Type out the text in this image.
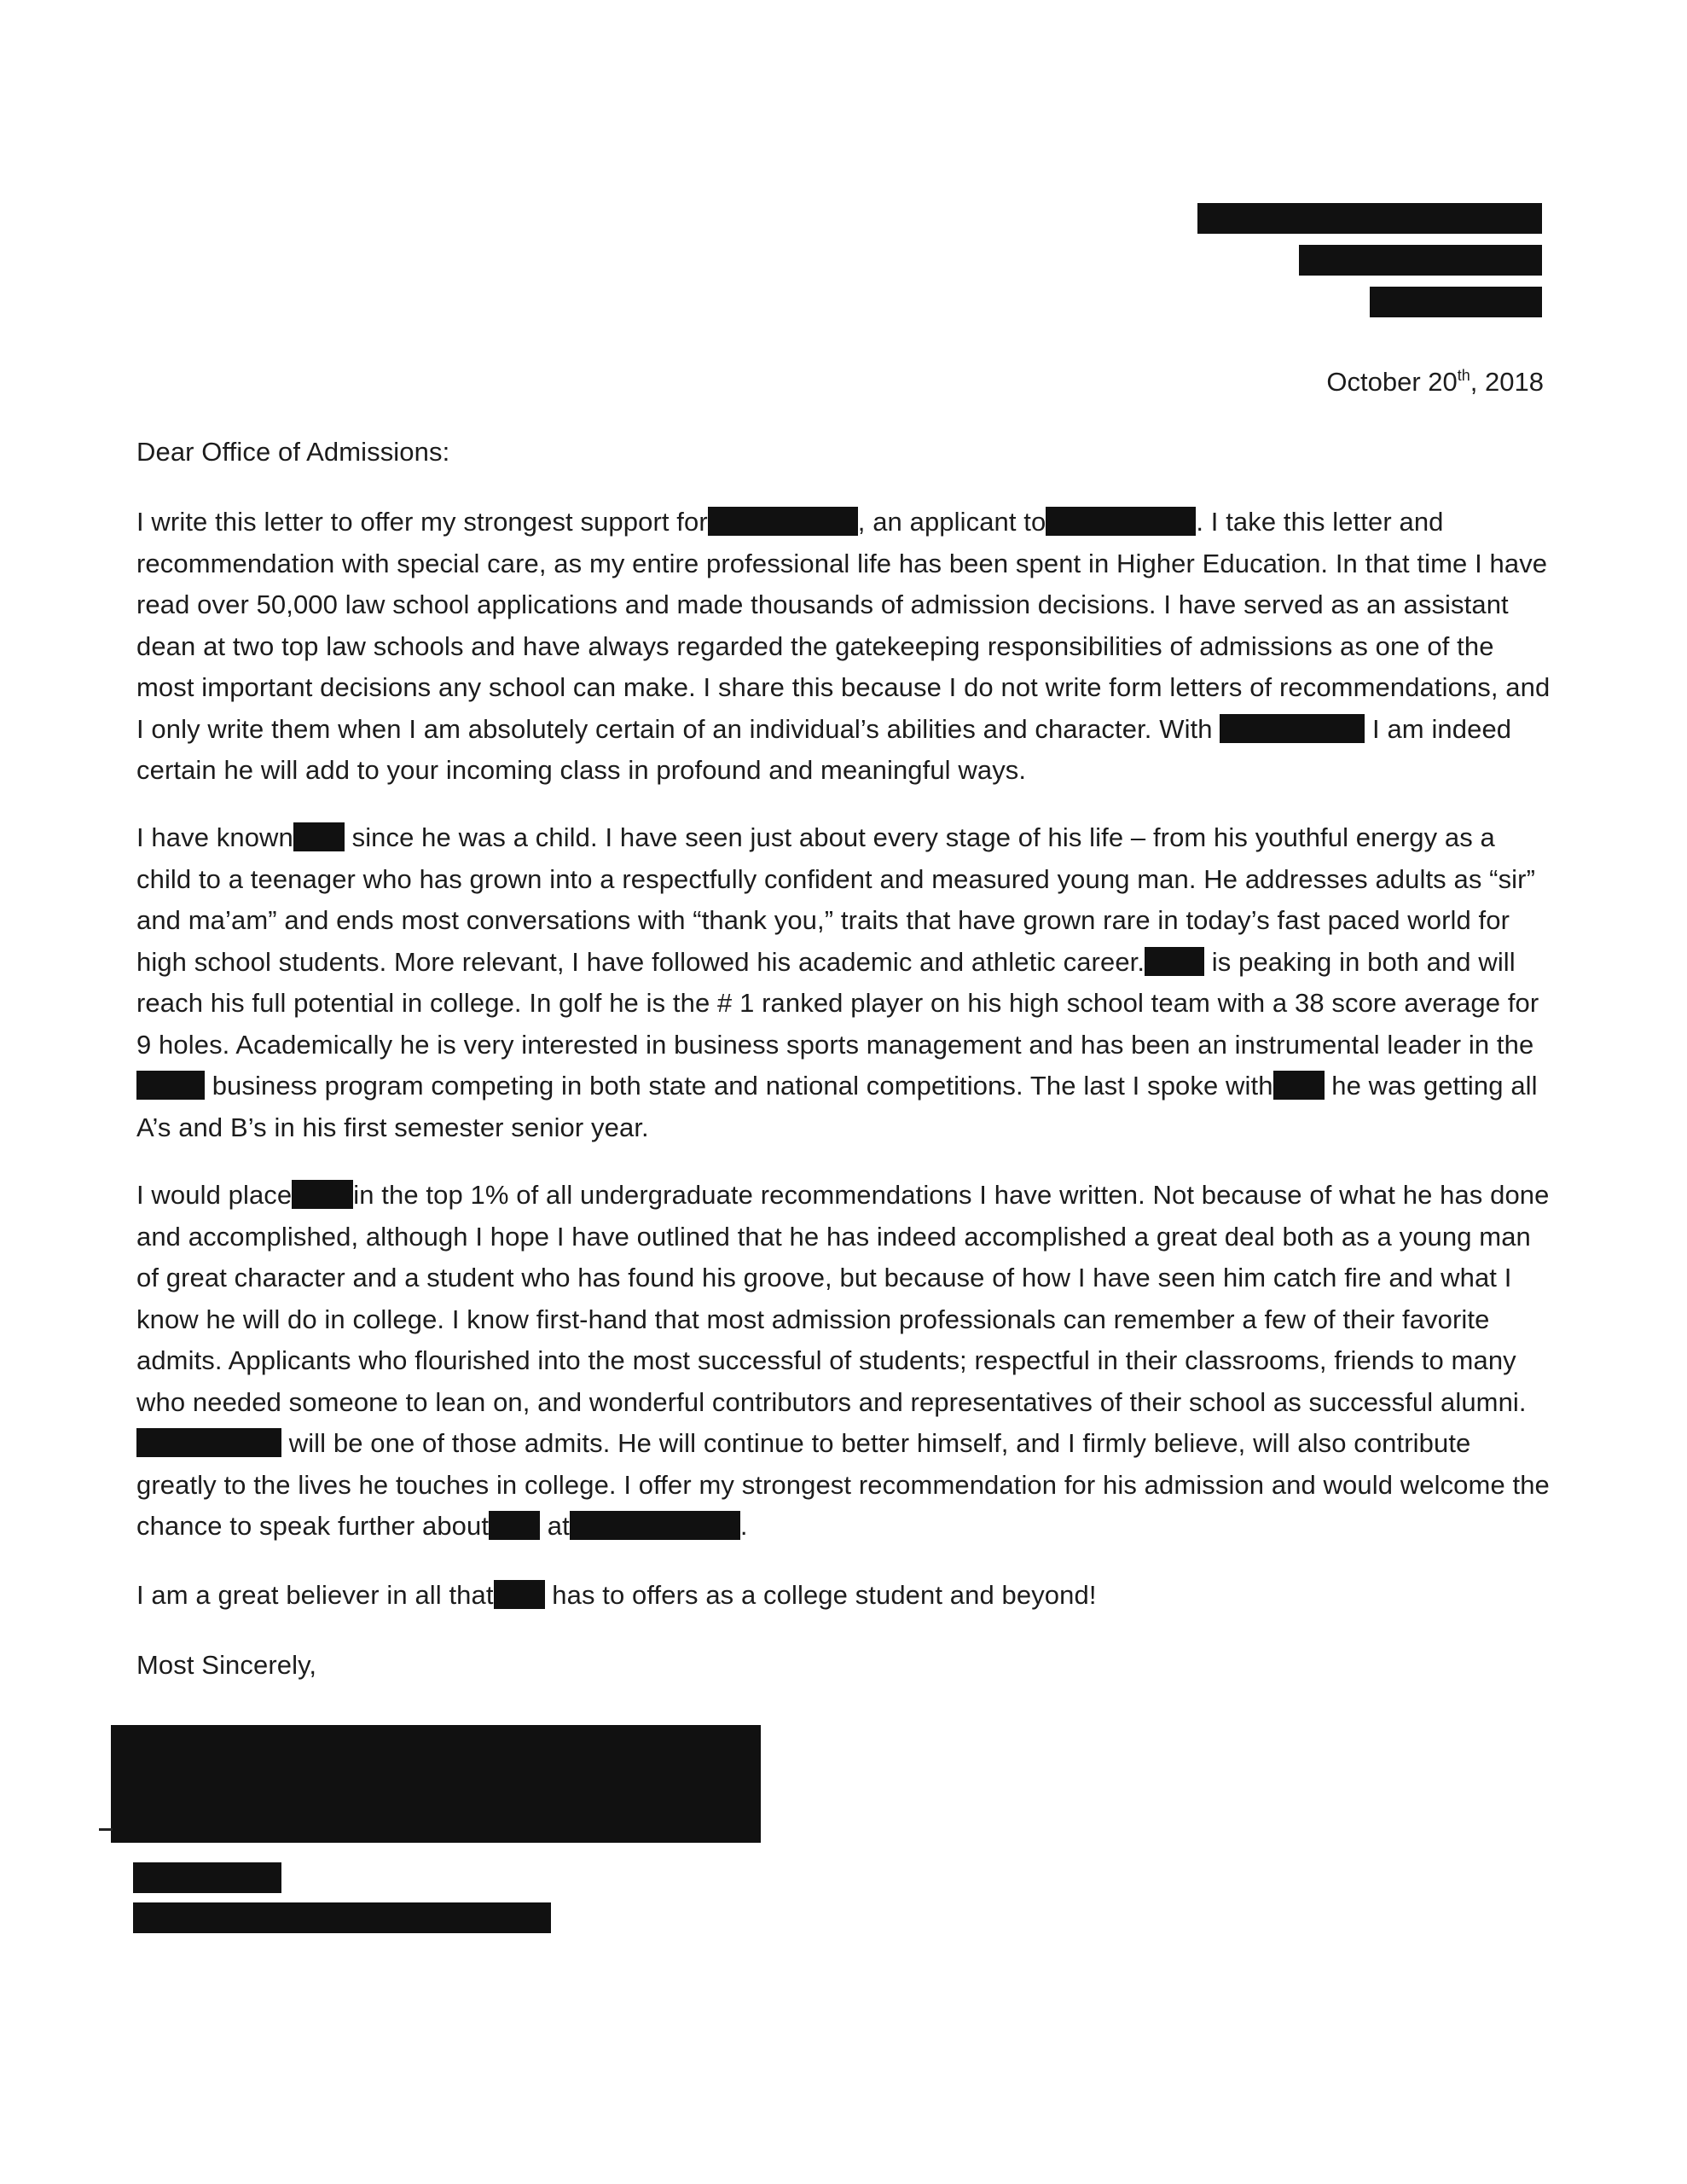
October 20th, 2018
Dear Office of Admissions:
I write this letter to offer my strongest support for	, an applicant to	. I take this letter and recommendation with special care, as my entire professional life has been spent in Higher Education. In that time I have read over 50,000 law school applications and made thousands of admission decisions. I have served as an assistant dean at two top law schools and have always regarded the gatekeeping responsibilities of admissions as one of the most important decisions any school can make. I share this because I do not write form letters of recommendations, and I only write them when I am absolutely certain of an individual’s abilities and character. With	I am indeed certain he will add to your incoming class in profound and meaningful ways.
I have known since he was a child. I have seen just about every stage of his life – from his youthful energy as a child to a teenager who has grown into a respectfully confident and measured young man. He addresses adults as “sir” and ma’am” and ends most conversations with “thank you,” traits that have grown rare in today’s fast paced world for high school students. More relevant, I have followed his academic and athletic career. is peaking in both and will reach his full potential in college. In golf he is the # 1 ranked player on his high school team with a 38 score average for 9 holes. Academically he is very interested in business sports management and has been an instrumental leader in the business program competing in both state and national competitions. The last I spoke with he was getting all A’s and B’s in his first semester senior year.
I would place in the top 1% of all undergraduate recommendations I have written. Not because of what he has done and accomplished, although I hope I have outlined that he has indeed accomplished a great deal both as a young man of great character and a student who has found his groove, but because of how I have seen him catch fire and what I know he will do in college. I know first-hand that most admission professionals can remember a few of their favorite admits. Applicants who flourished into the most successful of students; respectful in their classrooms, friends to many who needed someone to lean on, and wonderful contributors and representatives of their school as successful alumni.  will be one of those admits. He will continue to better himself, and I firmly believe, will also contribute greatly to the lives he touches in college. I offer my strongest recommendation for his admission and would welcome the chance to speak further about at	.
I am a great believer in all that has to offers as a college student and beyond!
Most Sincerely,
